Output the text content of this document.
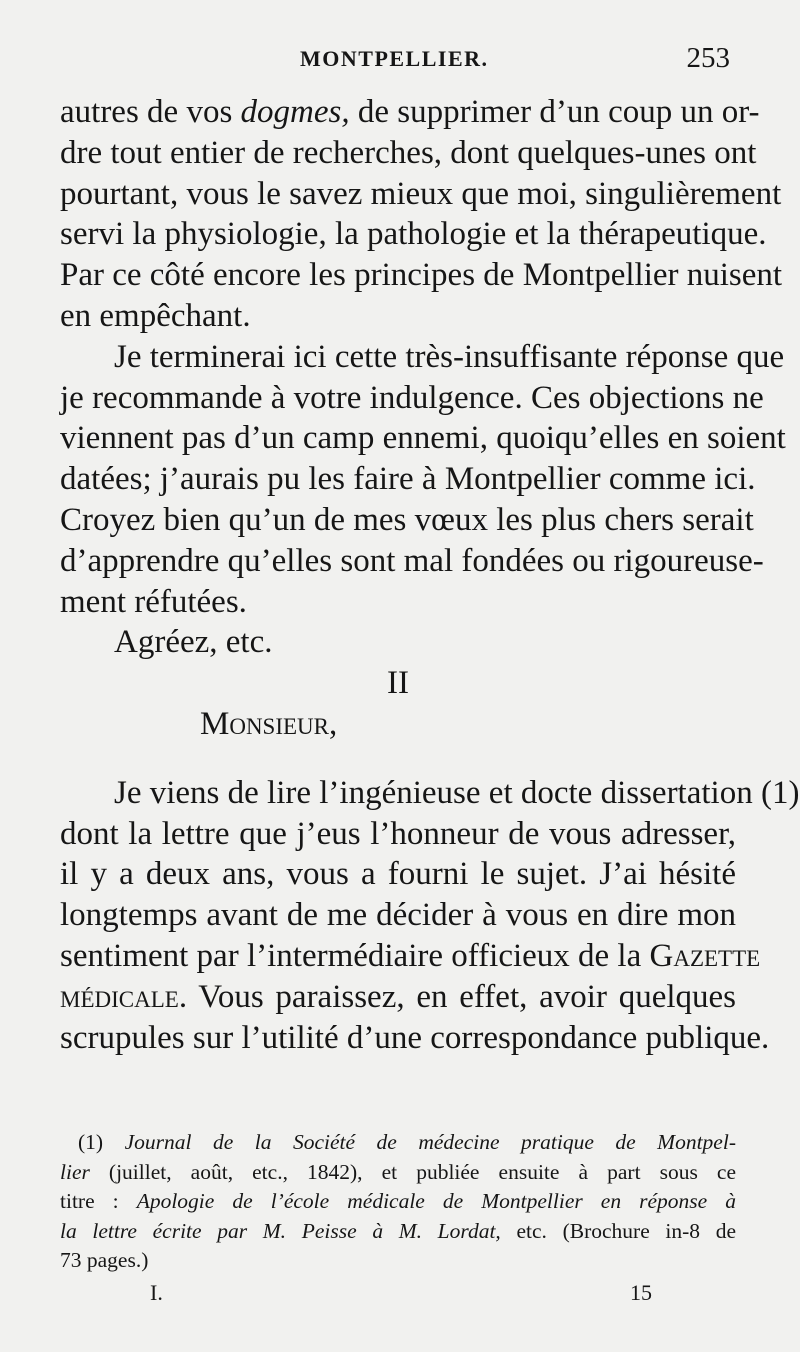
MONTPELLIER.	253
autres de vos dogmes, de supprimer d’un coup un or-
dre tout entier de recherches, dont quelques-unes ont
pourtant, vous le savez mieux que moi, singulièrement
servi la physiologie, la pathologie et la thérapeutique.
Par ce côté encore les principes de Montpellier nuisent
en empêchant.
Je terminerai ici cette très-insuffisante réponse que
je recommande à votre indulgence. Ces objections ne
viennent pas d’un camp ennemi, quoiqu’elles en soient
datées; j’aurais pu les faire à Montpellier comme ici.
Croyez bien qu’un de mes vœux les plus chers serait
d’apprendre qu’elles sont mal fondées ou rigoureuse-
ment réfutées.
Agréez, etc.
II
Monsieur,
Je viens de lire l’ingénieuse et docte dissertation (1)
dont la lettre que j’eus l’honneur de vous adresser,
il y a deux ans, vous a fourni le sujet. J’ai hésité
longtemps avant de me décider à vous en dire mon
sentiment par l’intermédiaire officieux de la Gazette
médicale. Vous paraissez, en effet, avoir quelques
scrupules sur l’utilité d’une correspondance publique.
(1) Journal de la Société de médecine pratique de Montpel-
lier (juillet, août, etc., 1842), et publiée ensuite à part sous ce
titre : Apologie de l’école médicale de Montpellier en réponse à
la lettre écrite par M. Peisse à M. Lordat, etc. (Brochure in-8 de
73 pages.)
I.	15
